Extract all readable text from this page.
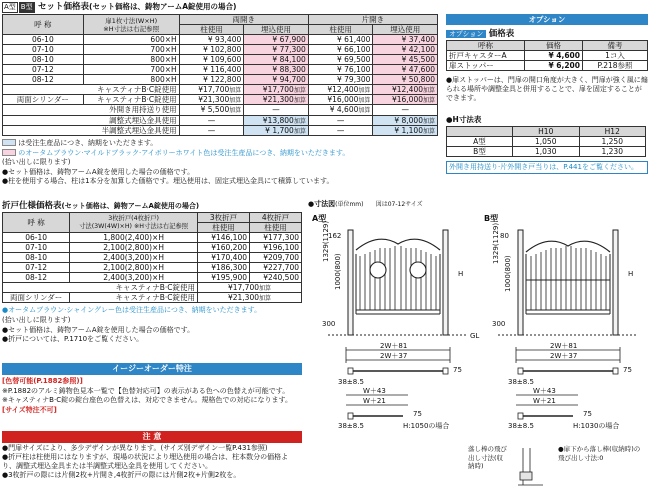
A型 B型 セット価格表(セット価格は、鋳物アームA錠使用の場合)
呼 称	扉1枚寸法(W×H)
※H寸法は右記参照	両開き		片開き	
		柱使用	埋込使用	柱使用	埋込使用
06-10	600×H	¥ 93,400	¥ 67,900	¥ 61,400	¥ 37,400
07-10	700×H	¥ 102,800	¥ 77,300	¥ 66,100	¥ 42,100
08-10	800×H	¥ 109,600	¥ 84,100	¥ 69,500	¥ 45,500
07-12	700×H	¥ 116,400	¥ 88,300	¥ 76,100	¥ 47,600
08-12	800×H	¥ 122,800	¥ 94,700	¥ 79,300	¥ 50,800
キャスティナB·C錠使用		¥17,700加算	¥17,700加算	¥12,400加算	¥12,400加算
両面シリンダー	キャスティナB·C錠使用	¥21,300加算	¥21,300加算	¥16,000加算	¥16,000加算
外開き用持送り使用		¥ 5,500加算	—	¥ 4,600加算	—
調整式埋込金具使用		—	¥13,800加算	—	¥ 8,000加算
半調整式埋込金具使用		—	¥ 1,700加算	—	¥ 1,100加算
は受注生産品につき、納期をいただきます。
のオータムブラウン·マイルドブラック·アイボリーホワイト色は受注生産品につき、納期をいただきます。
(拾い出しに限ります)
●セット価格は、鋳物アームA錠を使用した場合の価格です。
●柱を使用する場合、柱は1本分を加算した価格です。埋込使用は、固定式埋込金具にて積算しています。
オプション
オプション 価格表
呼称	価格	備考
折戸キャスターA	¥ 4,600	1コ入
扉ストッパー	¥ 6,200	P.218参照
●扉ストッパーは、門扉の開口角度が大きく、門扉が強く風に煽られる場所や調整金具と併用することで、扉を固定することができます。
●H寸法表
	H10	H12
A型	1,050	1,250
B型	1,030	1,230
外開き用持送り·片外開き戸当りは、P.441をご覧ください。
折戸仕様価格表(セット価格は、鋳物アームA錠使用の場合)
呼 称	3枚折戸(4枚折戸)
寸法(3W(4W)×H) ※H寸法は右記参照	3枚折戸	4枚折戸
		柱使用	柱使用
06-10	1,800(2,400)×H	¥146,100	¥177,300
07-10	2,100(2,800)×H	¥160,200	¥196,100
08-10	2,400(3,200)×H	¥170,400	¥209,700
07-12	2,100(2,800)×H	¥186,300	¥227,700
08-12	2,400(3,200)×H	¥195,900	¥240,500
キャスティナB·C錠使用		¥17,700加算	
両面シリンダー	キャスティナB·C錠使用	¥21,300加算	
●オータムブラウン·シャイングレー色は受注生産品につき、納期をいただきます。
(拾い出しに限ります)
●セット価格は、鋳物アームA錠を使用した場合の価格です。
●折戸については、P.1710をご覧ください。
イージーオーダー特注
[色替可能(P.1882参照)]
※P.1882のアルミ鋳物色見本一覧で【色替対応可】の表示がある色への色替えが可能です。
※キャスティナB·C錠の錠台座色の色替えは、対応できません。規格色での対応になります。
[サイズ特注不可]
注 意
●門扉サイズにより、多少デザインが異なります。(サイズ別デザイン一覧P.431参照)
●折戸柱は柱使用にはなりますが、現場の状況により埋込使用の場合は、柱本数分の価格より、調整式埋込金具または半調整式埋込金具を使用してください。
●3枚折戸の際には片側2枚+片開き,4枚折戸の際には片側2枚+片側2枚を。
●寸法図(単位mm) 図は07-12サイズ
A型	B型
162
1329(1129)
1000(800)	H
300
GL
80
1329(1129)
1000(800)	H
300
2W＋81
2W＋37
2W＋81
2W＋37
75	75
38±8.5	38±8.5
W＋43
W＋21
W＋43
W＋21
75	75
38±8.5	H:1050の場合	38±8.5	H:1030の場合
落し棒の飛び出し寸法(収納時)
●扉下から落し棒(収納時)の飛び出し寸法:0
